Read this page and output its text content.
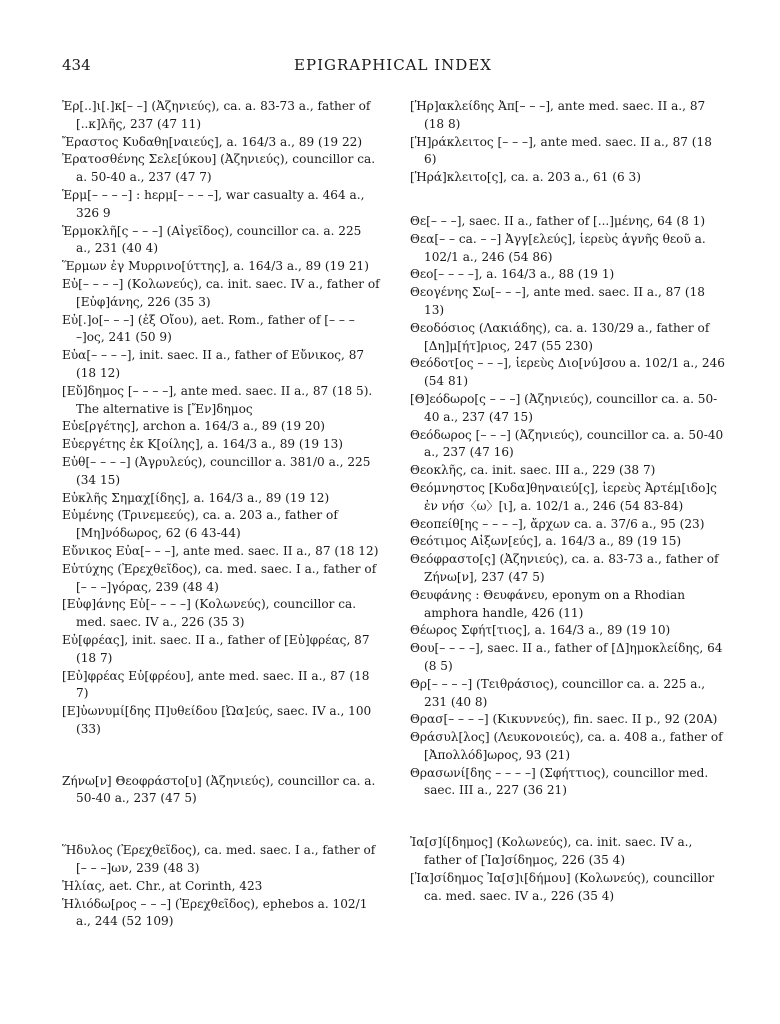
434	EPIGRAPHICAL INDEX

Ἐρ[..]ι[.]κ[– –] (Ἀζηνιεύς), ca. a. 83-73 a., father of [..κ]λῆς, 237 (47 11)

Ἔραστος Κυδαθη[ναιεύς], a. 164/3 a., 89 (19 22)

Ἐρατοσθένης Σελε[ύκου] (Ἀζηνιεύς), councillor ca. a. 50-40 a., 237 (47 7)

Ἑρμ[– – – –] : hερμ[– – – –], war casualty a. 464 a., 326 9

Ἑρμοκλῆ[ς – – –] (Αἰγεῖδος), councillor ca. a. 225 a., 231 (40 4)

Ἕρμων ἐγ Μυρρινο[ύττης], a. 164/3 a., 89 (19 21)

Εὐ[– – – –] (Κολωνεύς), ca. init. saec. IV a., father of [Εὐφ]άνης, 226 (35 3)

Εὐ[.]ο[– – –] (ἐξ Οἴου), aet. Rom., father of [– – – –]ος, 241 (50 9)

Εὐα[– – – –], init. saec. II a., father of Εὔνικος, 87 (18 12)

[Εὔ]δημος [– – – –], ante med. saec. II a., 87 (18 5). The alternative is [Ἔν]δημος

Εὐε[ργέτης], archon a. 164/3 a., 89 (19 20)

Εὐεργέτης ἐκ Κ[οίλης], a. 164/3 a., 89 (19 13)

Εὐθ[– – – –] (Ἀγρυλεύς), councillor a. 381/0 a., 225 (34 15)

Εὐκλῆς Σημαχ[ίδης], a. 164/3 a., 89 (19 12)

Εὐμένης (Τρινεμεεύς), ca. a. 203 a., father of [Μη]νόδωρος, 62 (6 43-44)

Εὔνικος Εὐα[– – –], ante med. saec. II a., 87 (18 12)

Εὐτύχης (Ἐρεχθεῖδος), ca. med. saec. I a., father of [– – –]γόρας, 239 (48 4)

[Εὐφ]άνης Εὐ[– – – –] (Κολωνεύς), councillor ca. med. saec. IV a., 226 (35 3)

Εὐ[φρέας], init. saec. II a., father of [Εὐ]φρέας, 87 (18 7)

[Εὐ]φρέας Εὐ[φρέου], ante med. saec. II a., 87 (18 7)

[Ε]ὐωνυμί[δης Π]υθείδου [Ὠα]εύς, saec. IV a., 100 (33)

Ζήνω[ν] Θεοφράστο[υ] (Ἀζηνιεύς), councillor ca. a. 50-40 a., 237 (47 5)

Ἥδυλος (Ἐρεχθεῖδος), ca. med. saec. I a., father of [– – –]ων, 239 (48 3)

Ἠλίας, aet. Chr., at Corinth, 423

Ἡλιόδω[ρος – – –] (Ἐρεχθεῖδος), ephebos a. 102/1 a., 244 (52 109)

[Ἡρ]ακλείδης Ἀπ[– – –], ante med. saec. II a., 87 (18 8)

[Ἡ]ράκλειτος [– – –], ante med. saec. II a., 87 (18 6)

[Ἡρά]κλειτο[ς], ca. a. 203 a., 61 (6 3)

Θε[– – –], saec. II a., father of [...]μένης, 64 (8 1)

Θεα[– – ca. – –] Ἀγγ[ελεύς], ἱερεὺς ἁγνῆς θεοῦ a. 102/1 a., 246 (54 86)

Θεο[– – – –], a. 164/3 a., 88 (19 1)

Θεογένης Σω[– – –], ante med. saec. II a., 87 (18 13)

Θεοδόσιος (Λακιάδης), ca. a. 130/29 a., father of [Δη]μ[ήτ]ριος, 247 (55 230)

Θεόδοτ[ος – – –], ἱερεὺς Διο[νύ]σου a. 102/1 a., 246 (54 81)

[Θ]εόδωρο[ς – – –] (Ἀζηνιεύς), councillor ca. a. 50-40 a., 237 (47 15)

Θεόδωρος [– – –] (Ἀζηνιεύς), councillor ca. a. 50-40 a., 237 (47 16)

Θεοκλῆς, ca. init. saec. III a., 229 (38 7)

Θεόμνηστος [Κυδα]θηναιεύ[ς], ἱερεὺς Ἀρτέμ[ιδο]ς ἐν νήσ〈ω〉[ι], a. 102/1 a., 246 (54 83-84)

Θεοπείθ[ης – – – –], ἄρχων ca. a. 37/6 a., 95 (23)

Θεότιμος Αἰξων[εύς], a. 164/3 a., 89 (19 15)

Θεόφραστο[ς] (Ἀζηνιεύς), ca. a. 83-73 a., father of Ζήνω[ν], 237 (47 5)

Θευφάνης : Θευφάνευ, eponym on a Rhodian amphora handle, 426 (11)

Θέωρος Σφήτ[τιος], a. 164/3 a., 89 (19 10)

Θου[– – – –], saec. II a., father of [Δ]ημοκλείδης, 64 (8 5)

Θρ[– – – –] (Τειθράσιος), councillor ca. a. 225 a., 231 (40 8)

Θρασ[– – – –] (Κικυννεύς), fin. saec. II p., 92 (20A)

Θράσυλ[λος] (Λευκονοιεύς), ca. a. 408 a., father of [Ἀπολλόδ]ωρος, 93 (21)

Θρασωνί[δης – – – –] (Σφήττιος), councillor med. saec. III a., 227 (36 21)

Ἰα[σ]ί[δημος] (Κολωνεύς), ca. init. saec. IV a., father of [Ἰα]σίδημος, 226 (35 4)

[Ἰα]σίδημος Ἰα[σ]ι[δήμου] (Κολωνεύς), councillor ca. med. saec. IV a., 226 (35 4)
